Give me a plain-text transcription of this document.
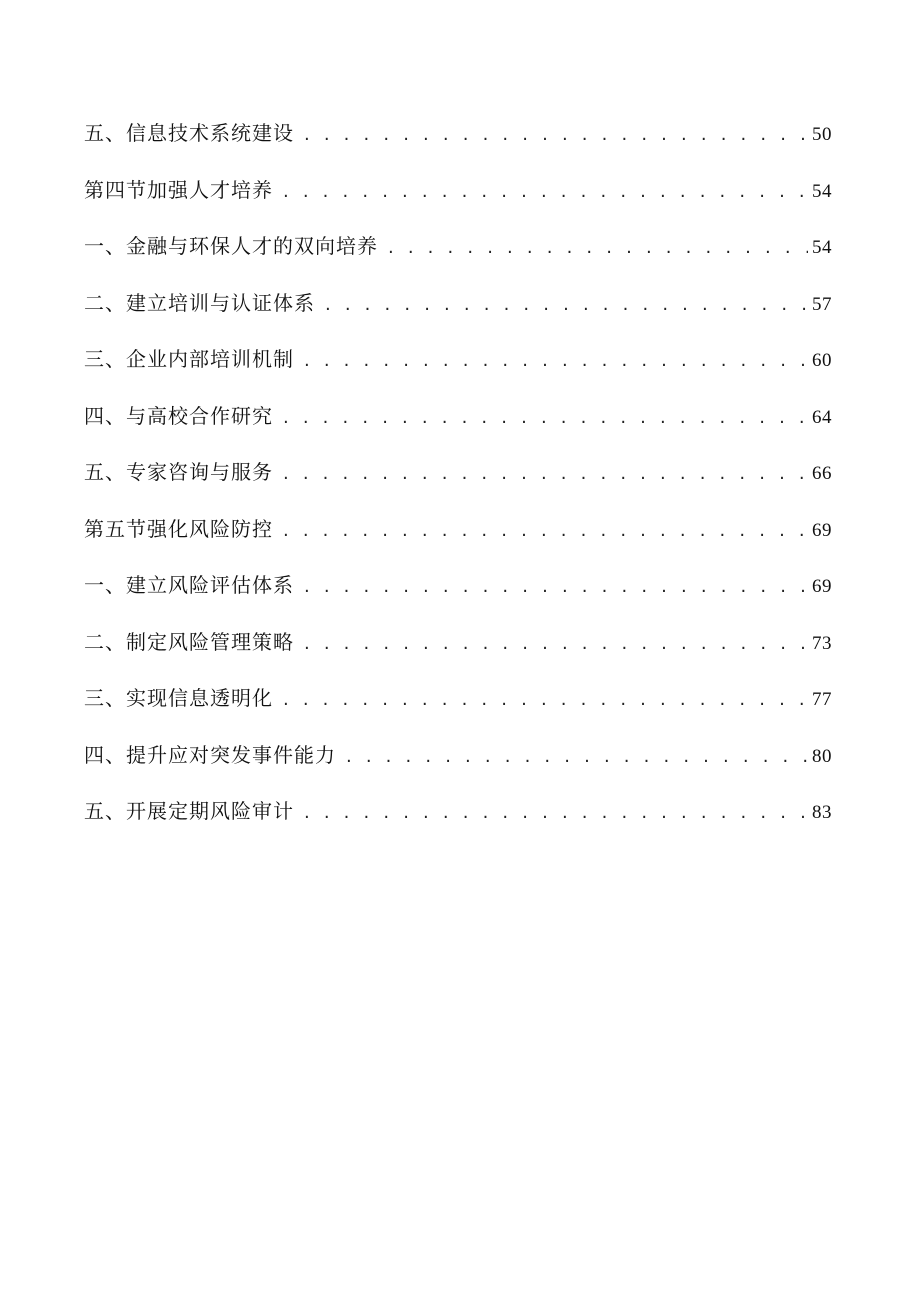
五、信息技术系统建设 . . .	50
第四节加强人才培养 . . .	54
一、金融与环保人才的双向培养 . . .	54
二、建立培训与认证体系 . . .	57
三、企业内部培训机制 . . .	60
四、与高校合作研究 . . .	64
五、专家咨询与服务 . . .	66
第五节强化风险防控 . . .	69
一、建立风险评估体系 . . .	69
二、制定风险管理策略 . . .	73
三、实现信息透明化 . . .	77
四、提升应对突发事件能力 . . .	80
五、开展定期风险审计 . . .	83
